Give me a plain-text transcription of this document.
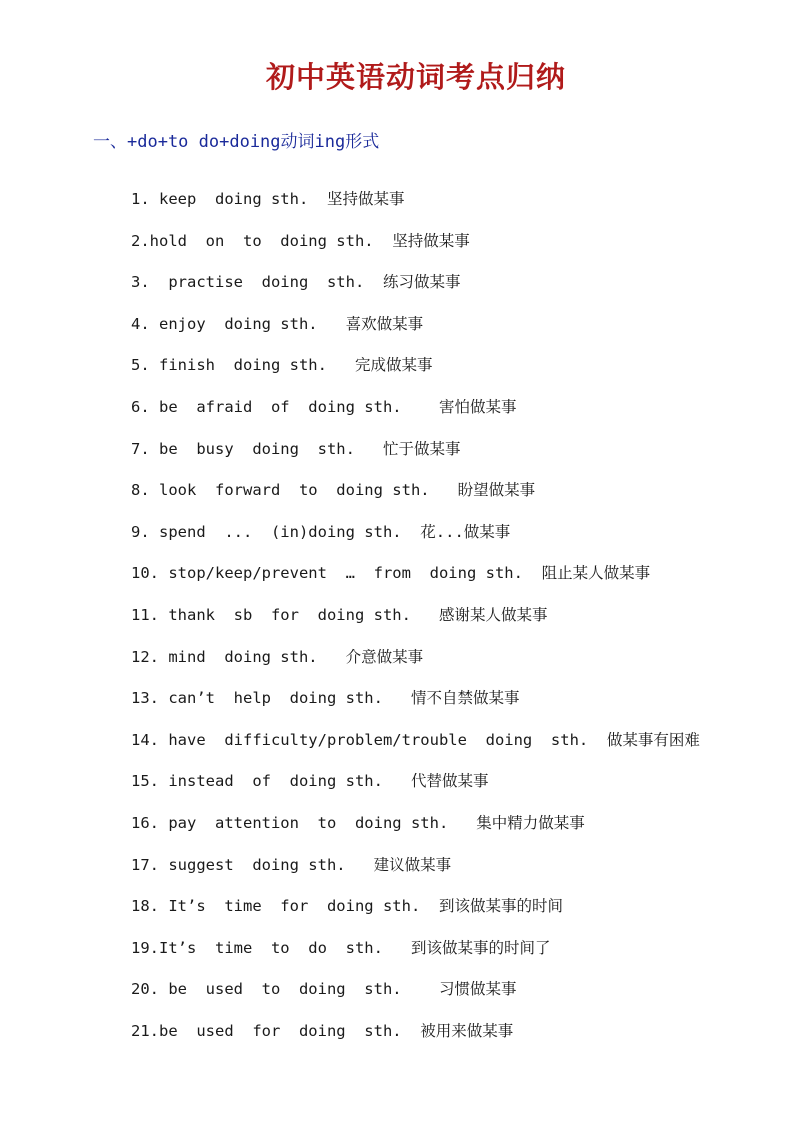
初中英语动词考点归纳
一、+do+to do+doing动词ing形式
1. keep  doing sth.  坚持做某事
2.hold  on  to  doing sth.  坚持做某事
3.  practise  doing  sth.  练习做某事
4. enjoy  doing sth.   喜欢做某事
5. finish  doing sth.   完成做某事
6. be  afraid  of  doing sth.    害怕做某事
7. be  busy  doing  sth.   忙于做某事
8. look  forward  to  doing sth.   盼望做某事
9. spend  ...  (in)doing sth.  花...做某事
10. stop/keep/prevent  …  from  doing sth.  阻止某人做某事
11. thank  sb  for  doing sth.   感谢某人做某事
12. mind  doing sth.   介意做某事
13. can’t  help  doing sth.   情不自禁做某事
14. have  difficulty/problem/trouble  doing  sth.  做某事有困难
15. instead  of  doing sth.   代替做某事
16. pay  attention  to  doing sth.   集中精力做某事
17. suggest  doing sth.   建议做某事
18. It’s  time  for  doing sth.  到该做某事的时间
19.It’s  time  to  do  sth.   到该做某事的时间了
20. be  used  to  doing  sth.    习惯做某事
21.be  used  for  doing  sth.  被用来做某事
